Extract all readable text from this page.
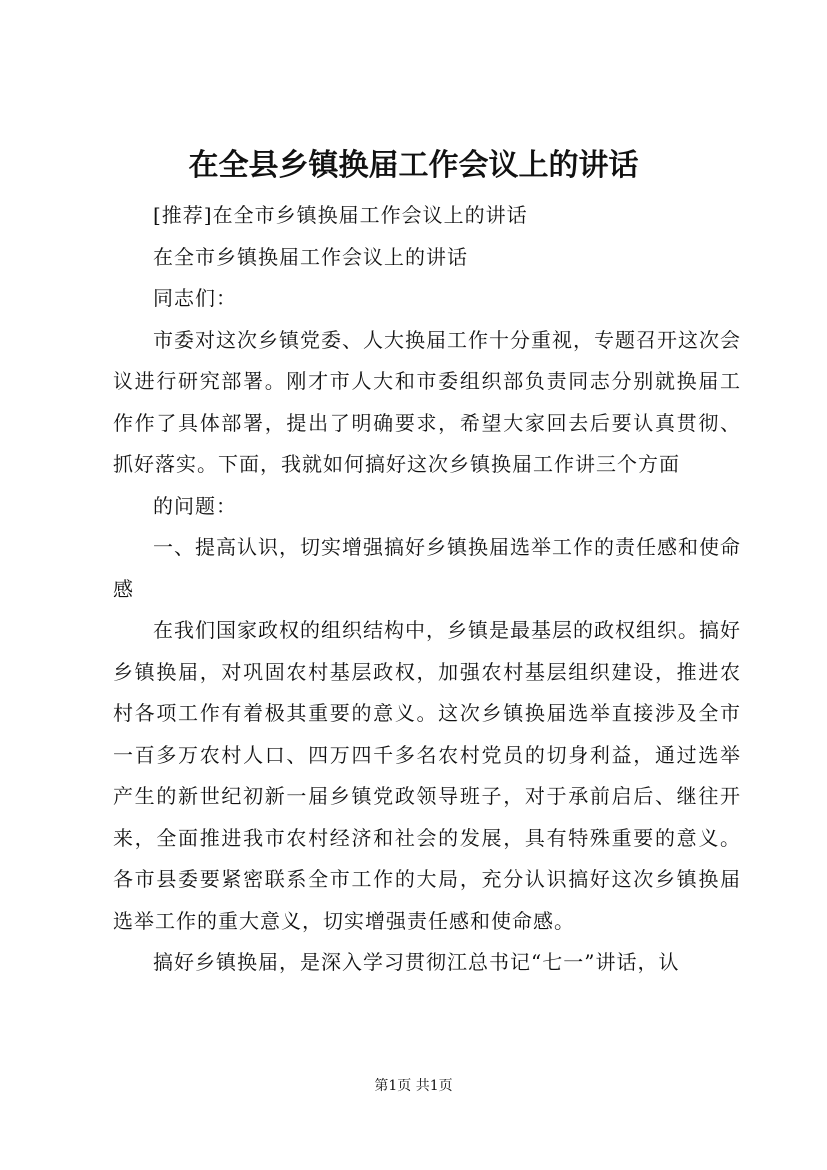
在全县乡镇换届工作会议上的讲话

[推荐]在全市乡镇换届工作会议上的讲话

在全市乡镇换届工作会议上的讲话

同志们：

市委对这次乡镇党委、人大换届工作十分重视，专题召开这次会议进行研究部署。刚才市人大和市委组织部负责同志分别就换届工作作了具体部署，提出了明确要求，希望大家回去后要认真贯彻、抓好落实。下面，我就如何搞好这次乡镇换届工作讲三个方面

的问题：

一、提高认识，切实增强搞好乡镇换届选举工作的责任感和使命感

在我们国家政权的组织结构中，乡镇是最基层的政权组织。搞好乡镇换届，对巩固农村基层政权，加强农村基层组织建设，推进农村各项工作有着极其重要的意义。这次乡镇换届选举直接涉及全市一百多万农村人口、四万四千多名农村党员的切身利益，通过选举产生的新世纪初新一届乡镇党政领导班子，对于承前启后、继往开来，全面推进我市农村经济和社会的发展，具有特殊重要的意义。各市县委要紧密联系全市工作的大局，充分认识搞好这次乡镇换届选举工作的重大意义，切实增强责任感和使命感。

搞好乡镇换届，是深入学习贯彻江总书记“七一”讲话，认

第1页 共1页
